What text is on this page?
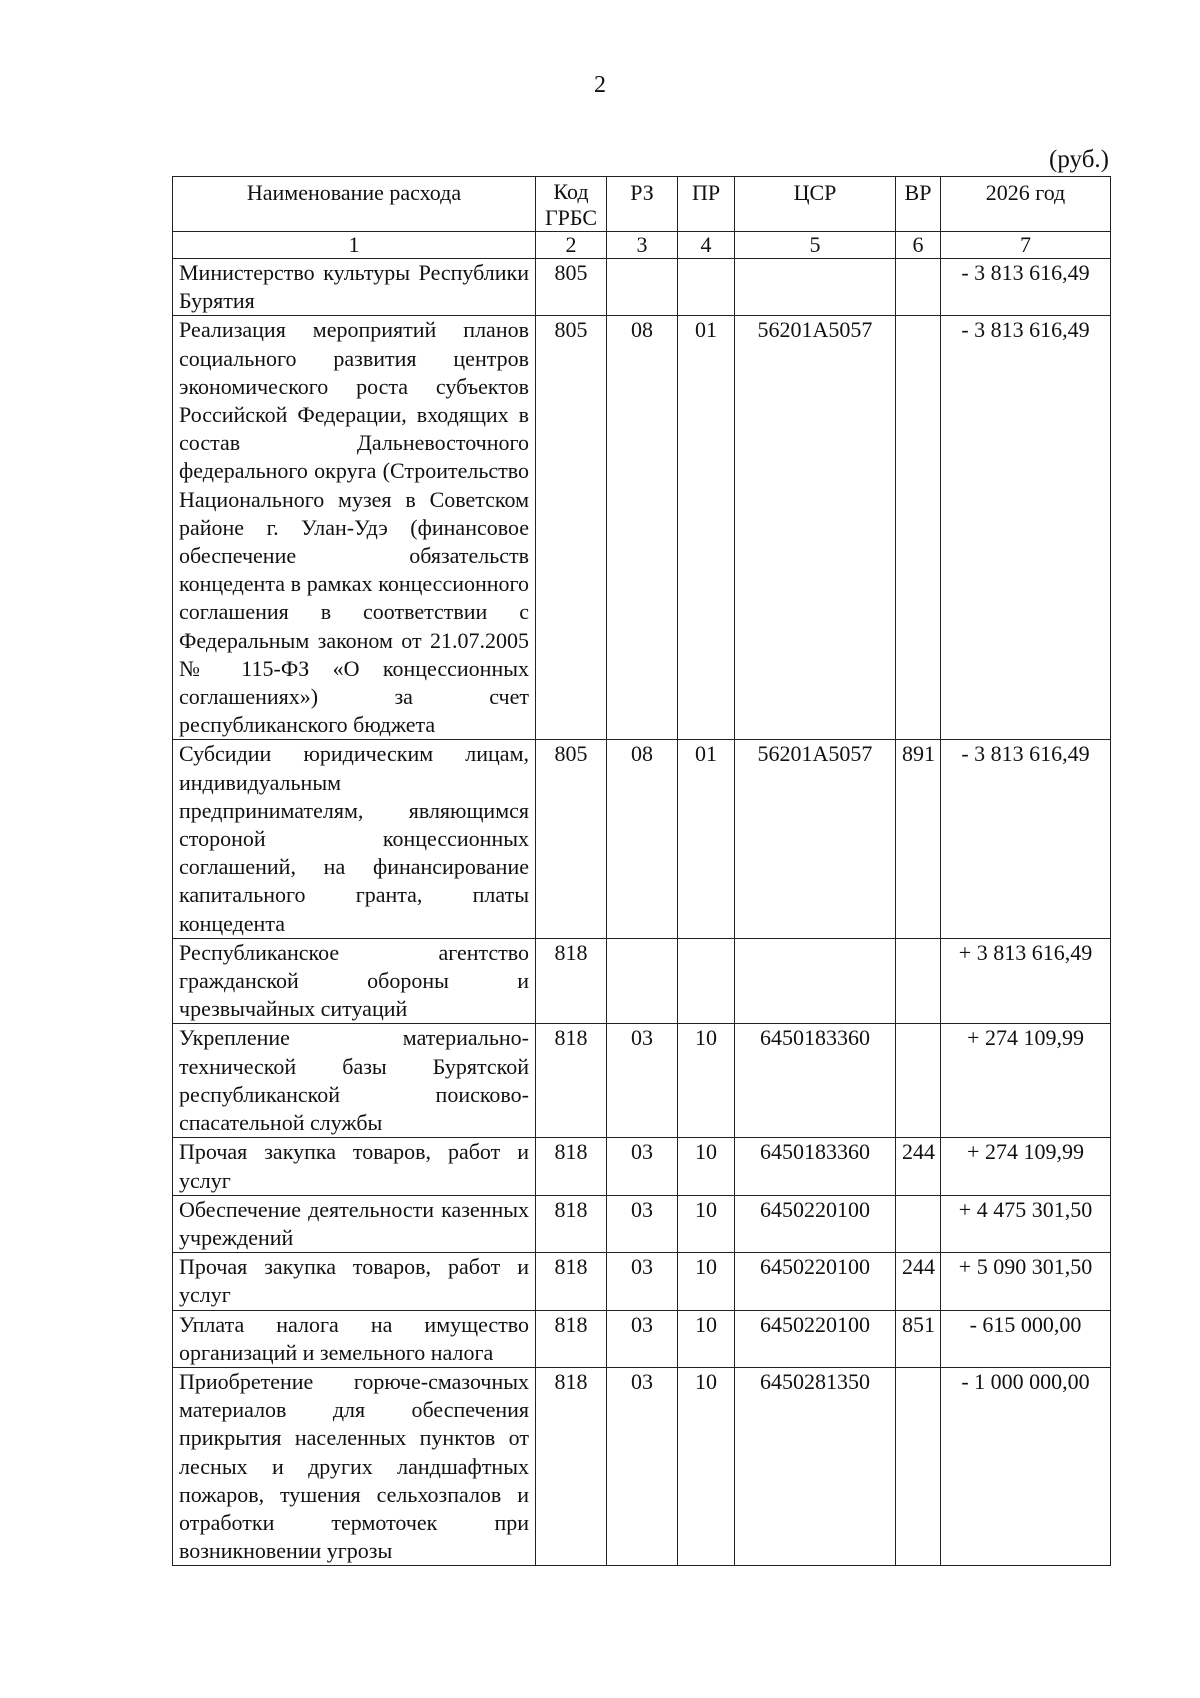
2
(руб.)
Наименование расхода	Код ГРБС	РЗ	ПР	ЦСР	ВР	2026 год
1	2	3	4	5	6	7
Министерство культуры Республики Бурятия	805					- 3 813 616,49
Реализация мероприятий планов социального развития центров экономического роста субъектов Российской Федерации, входящих в состав Дальневосточного федерального округа (Строительство Национального музея в Советском районе г. Улан-Удэ (финансовое обеспечение обязательств концедента в рамках концессионного соглашения в соответствии с Федеральным законом от 21.07.2005 № 115-ФЗ «О концессионных соглашениях») за счет республиканского бюджета	805	08	01	56201А5057		- 3 813 616,49
Субсидии юридическим лицам, индивидуальным предпринимателям, являющимся стороной концессионных соглашений, на финансирование капитального гранта, платы концедента	805	08	01	56201А5057	891	- 3 813 616,49
Республиканское агентство гражданской обороны и чрезвычайных ситуаций	818					+ 3 813 616,49
Укрепление материально-технической базы Бурятской республиканской поисково-спасательной службы	818	03	10	6450183360		+ 274 109,99
Прочая закупка товаров, работ и услуг	818	03	10	6450183360	244	+ 274 109,99
Обеспечение деятельности казенных учреждений	818	03	10	6450220100		+ 4 475 301,50
Прочая закупка товаров, работ и услуг	818	03	10	6450220100	244	+ 5 090 301,50
Уплата налога на имущество организаций и земельного налога	818	03	10	6450220100	851	- 615 000,00
Приобретение горюче-смазочных материалов для обеспечения прикрытия населенных пунктов от лесных и других ландшафтных пожаров, тушения сельхозпалов и отработки термоточек при возникновении угрозы	818	03	10	6450281350		- 1 000 000,00
